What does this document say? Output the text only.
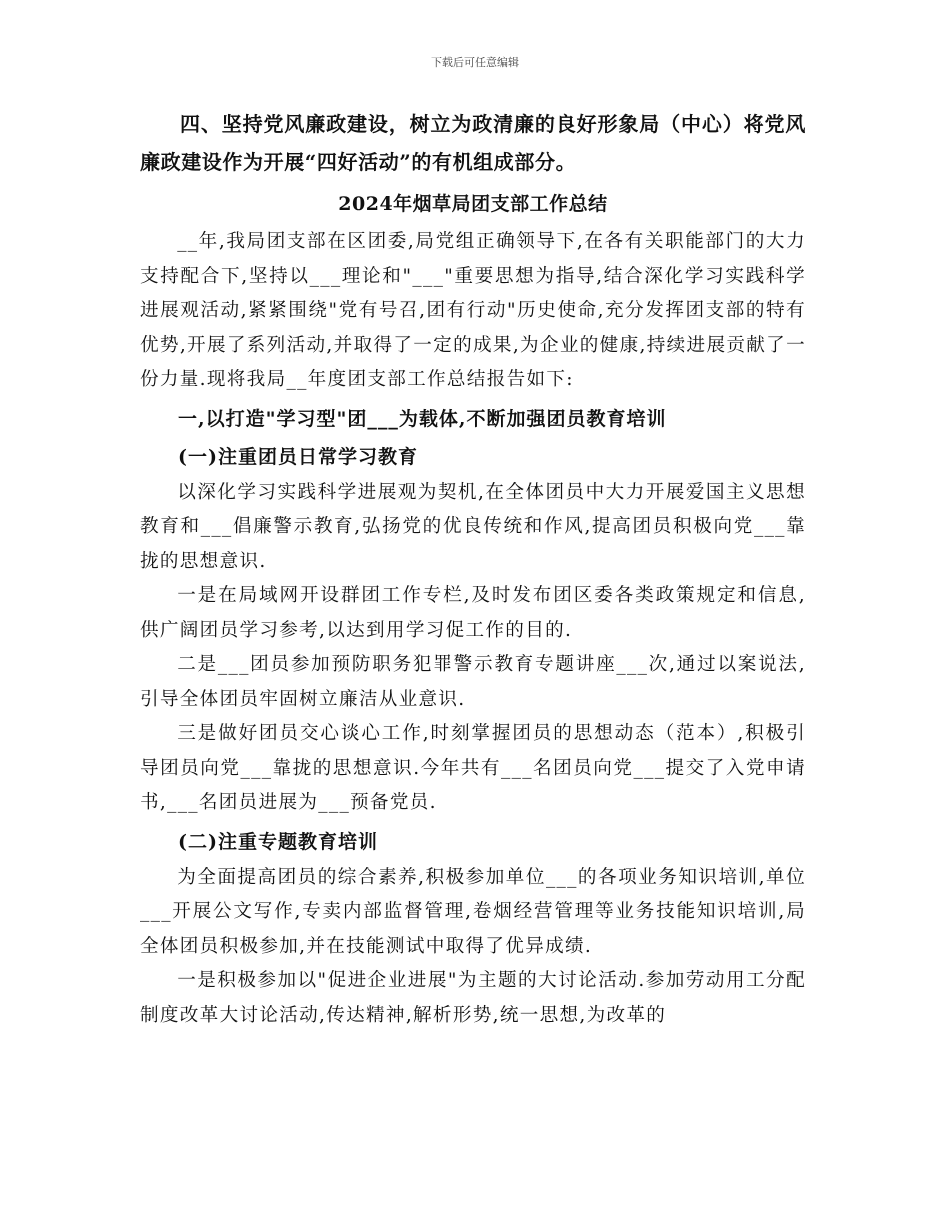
下载后可任意编辑

四、坚持党风廉政建设，树立为政清廉的良好形象局（中心）将党风廉政建设作为开展“四好活动”的有机组成部分。

2024年烟草局团支部工作总结

__年,我局团支部在区团委,局党组正确领导下,在各有关职能部门的大力支持配合下,坚持以___理论和"___"重要思想为指导,结合深化学习实践科学进展观活动,紧紧围绕"党有号召,团有行动"历史使命,充分发挥团支部的特有优势,开展了系列活动,并取得了一定的成果,为企业的健康,持续进展贡献了一份力量.现将我局__年度团支部工作总结报告如下:

一,以打造"学习型"团___为载体,不断加强团员教育培训
(一)注重团员日常学习教育

以深化学习实践科学进展观为契机,在全体团员中大力开展爱国主义思想教育和___倡廉警示教育,弘扬党的优良传统和作风,提高团员积极向党___靠拢的思想意识.

一是在局域网开设群团工作专栏,及时发布团区委各类政策规定和信息,供广阔团员学习参考,以达到用学习促工作的目的.

二是___团员参加预防职务犯罪警示教育专题讲座___次,通过以案说法,引导全体团员牢固树立廉洁从业意识.

三是做好团员交心谈心工作,时刻掌握团员的思想动态（范本）,积极引导团员向党___靠拢的思想意识.今年共有___名团员向党___提交了入党申请书,___名团员进展为___预备党员.

(二)注重专题教育培训

为全面提高团员的综合素养,积极参加单位___的各项业务知识培训,单位___开展公文写作,专卖内部监督管理,卷烟经营管理等业务技能知识培训,局全体团员积极参加,并在技能测试中取得了优异成绩.

一是积极参加以"促进企业进展"为主题的大讨论活动.参加劳动用工分配制度改革大讨论活动,传达精神,解析形势,统一思想,为改革的
